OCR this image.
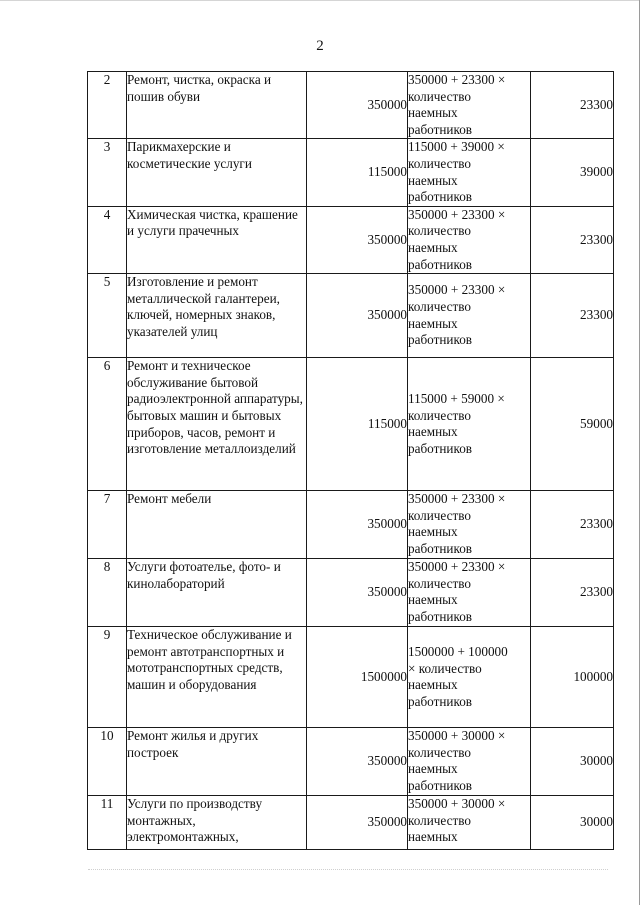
2
2	Ремонт, чистка, окраска и пошив обуви	350000	350000 + 23300 ×
количество
наемных
работников	23300
3	Парикмахерские и косметические услуги	115000	115000 + 39000 ×
количество
наемных
работников	39000
4	Химическая чистка, крашение и услуги прачечных	350000	350000 + 23300 ×
количество
наемных
работников	23300
5	Изготовление и ремонт металлической галантереи, ключей, номерных знаков, указателей улиц	350000	350000 + 23300 ×
количество
наемных
работников	23300
6	Ремонт и техническое обслуживание бытовой радиоэлектронной аппаратуры, бытовых машин и бытовых приборов, часов, ремонт и изготовление металлоизделий	115000	115000 + 59000 ×
количество
наемных
работников	59000
7	Ремонт мебели	350000	350000 + 23300 ×
количество
наемных
работников	23300
8	Услуги фотоателье, фото- и кинолабораторий	350000	350000 + 23300 ×
количество
наемных
работников	23300
9	Техническое обслуживание и ремонт автотранспортных и мототранспортных средств, машин и оборудования	1500000	1500000 + 100000
× количество
наемных
работников	100000
10	Ремонт жилья и других построек	350000	350000 + 30000 ×
количество
наемных
работников	30000
11	Услуги по производству монтажных, электромонтажных,	350000	350000 + 30000 ×
количество
наемных	30000
